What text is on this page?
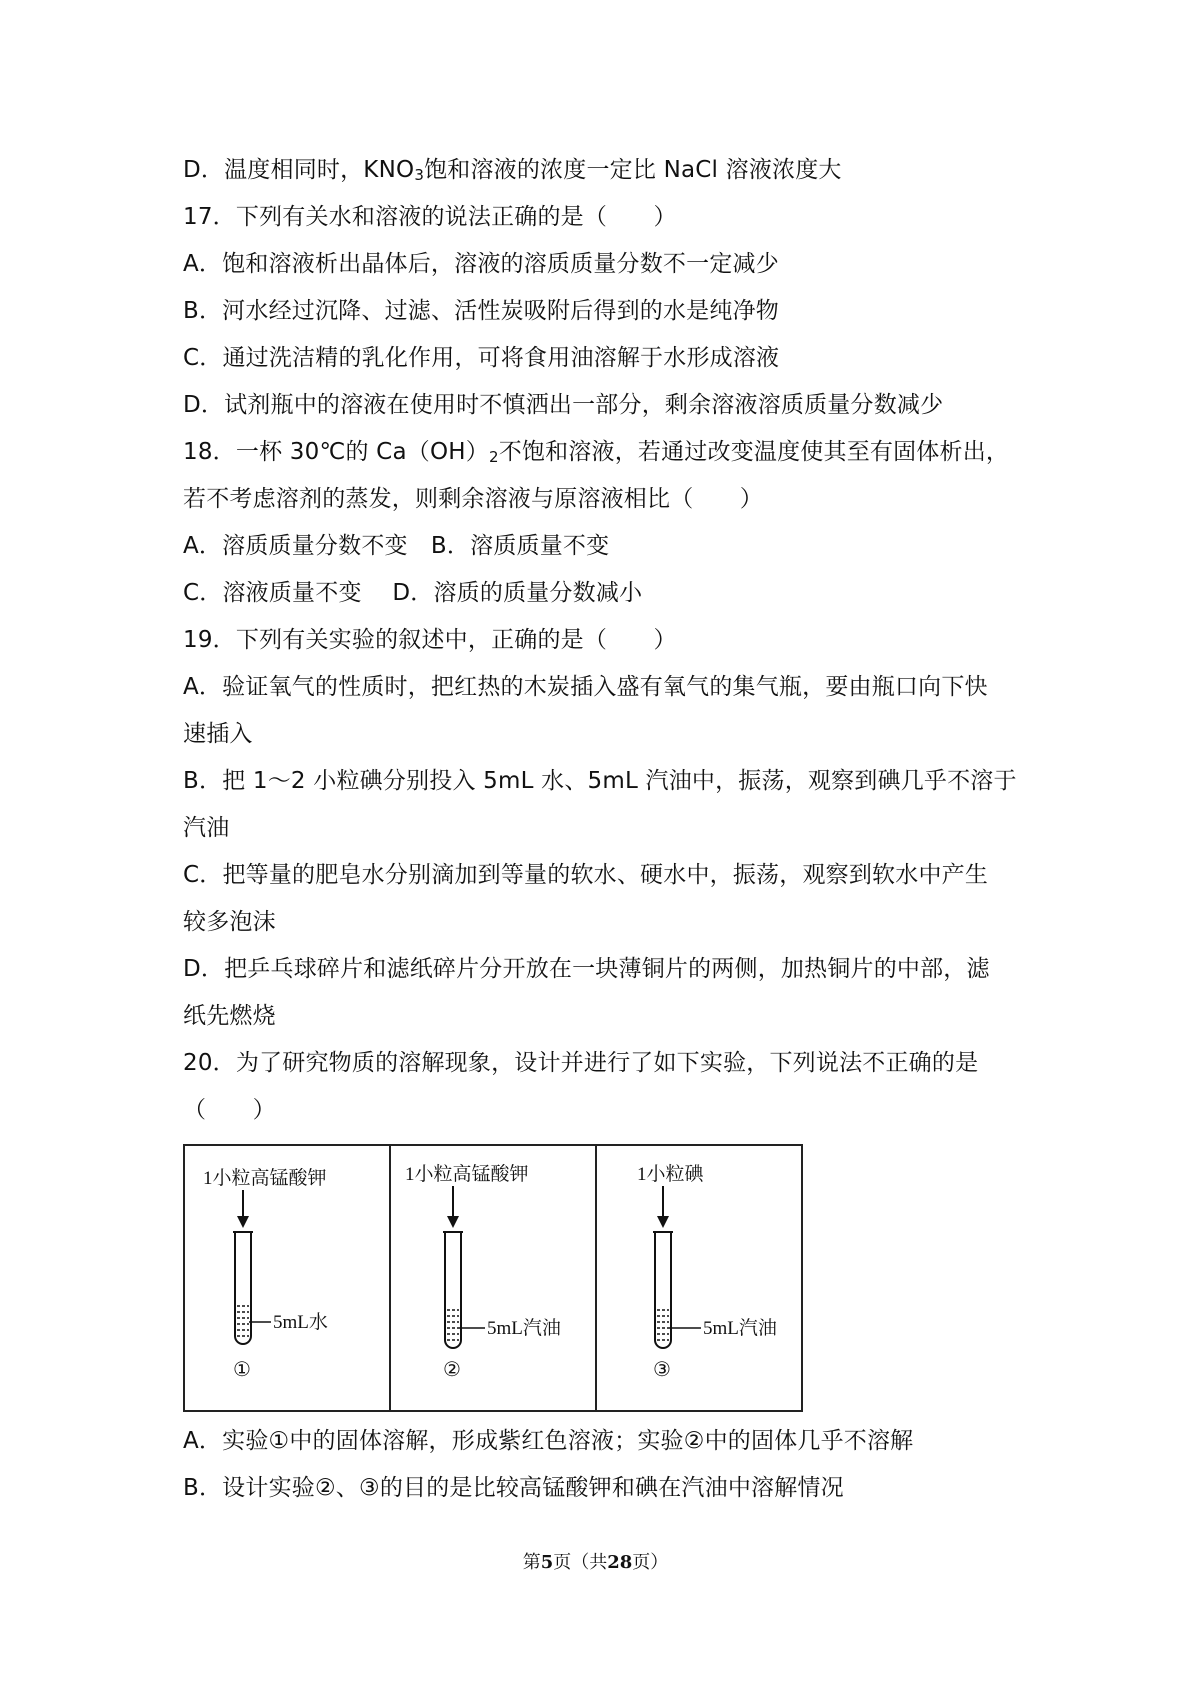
D．温度相同时，$KNO_3$饱和溶液的浓度一定比 NaCl 溶液浓度大
17．下列有关水和溶液的说法正确的是（　　）
A．饱和溶液析出晶体后，溶液的溶质质量分数不一定减少
B．河水经过沉降、过滤、活性炭吸附后得到的水是纯净物
C．通过洗洁精的乳化作用，可将食用油溶解于水形成溶液
D．试剂瓶中的溶液在使用时不慎洒出一部分，剩余溶液溶质质量分数减少
18．一杯 30℃的 $Ca(OH)_2$不饱和溶液，若通过改变温度使其至有固体析出，
若不考虑溶剂的蒸发，则剩余溶液与原溶液相比（　　）
A．溶质质量分数不变　B．溶质质量不变
C．溶液质量不变　 D．溶质的质量分数减小
19．下列有关实验的叙述中，正确的是（　　）
A．验证氧气的性质时，把红热的木炭插入盛有氧气的集气瓶，要由瓶口向下快
速插入
B．把 1～2 小粒碘分别投入 5mL 水、5mL 汽油中，振荡，观察到碘几乎不溶于
汽油
C．把等量的肥皂水分别滴加到等量的软水、硬水中，振荡，观察到软水中产生
较多泡沫
D．把乒乓球碎片和滤纸碎片分开放在一块薄铜片的两侧，加热铜片的中部，滤
纸先燃烧
20．为了研究物质的溶解现象，设计并进行了如下实验，下列说法不正确的是
（　　）
1小粒高锰酸钾
5mL水
①
1小粒高锰酸钾
5mL汽油
②
1小粒碘
5mL汽油
③
A．实验①中的固体溶解，形成紫红色溶液；实验②中的固体几乎不溶解
B．设计实验②、③的目的是比较高锰酸钾和碘在汽油中溶解情况
第5页（共28页）
